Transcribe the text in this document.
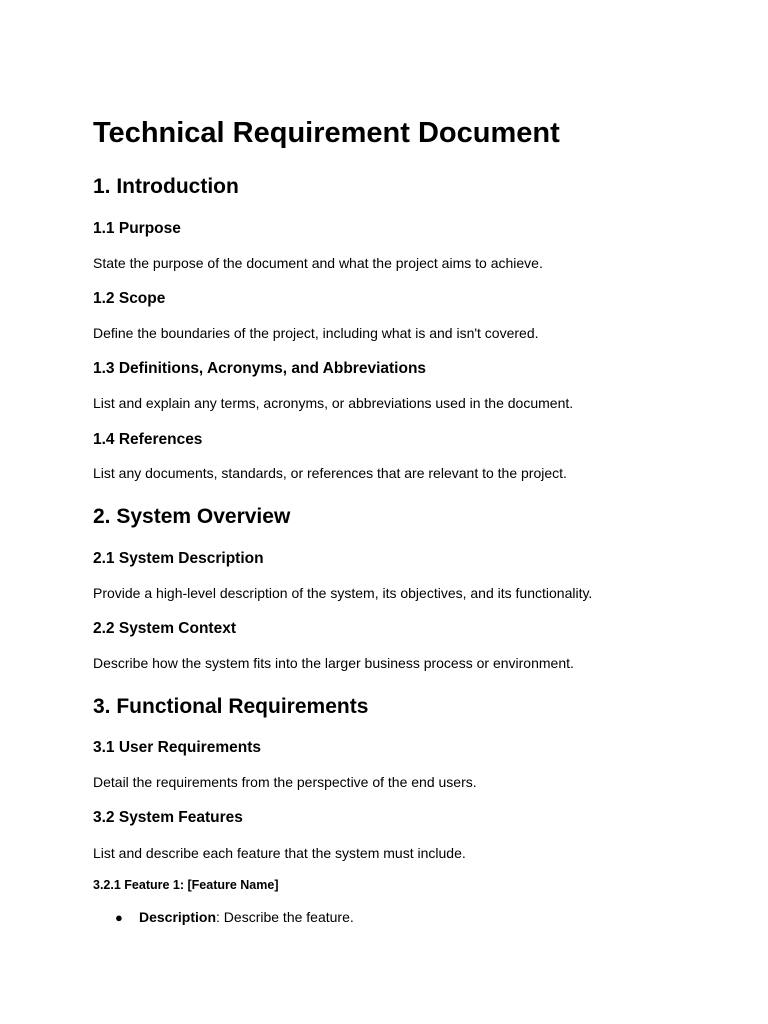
Technical Requirement Document
1. Introduction
1.1 Purpose

State the purpose of the document and what the project aims to achieve.

1.2 Scope

Define the boundaries of the project, including what is and isn't covered.

1.3 Definitions, Acronyms, and Abbreviations

List and explain any terms, acronyms, or abbreviations used in the document.

1.4 References

List any documents, standards, or references that are relevant to the project.

2. System Overview
2.1 System Description

Provide a high-level description of the system, its objectives, and its functionality.

2.2 System Context

Describe how the system fits into the larger business process or environment.

3. Functional Requirements
3.1 User Requirements

Detail the requirements from the perspective of the end users.

3.2 System Features

List and describe each feature that the system must include.

3.2.1 Feature 1: [Feature Name]
● Description: Describe the feature.
